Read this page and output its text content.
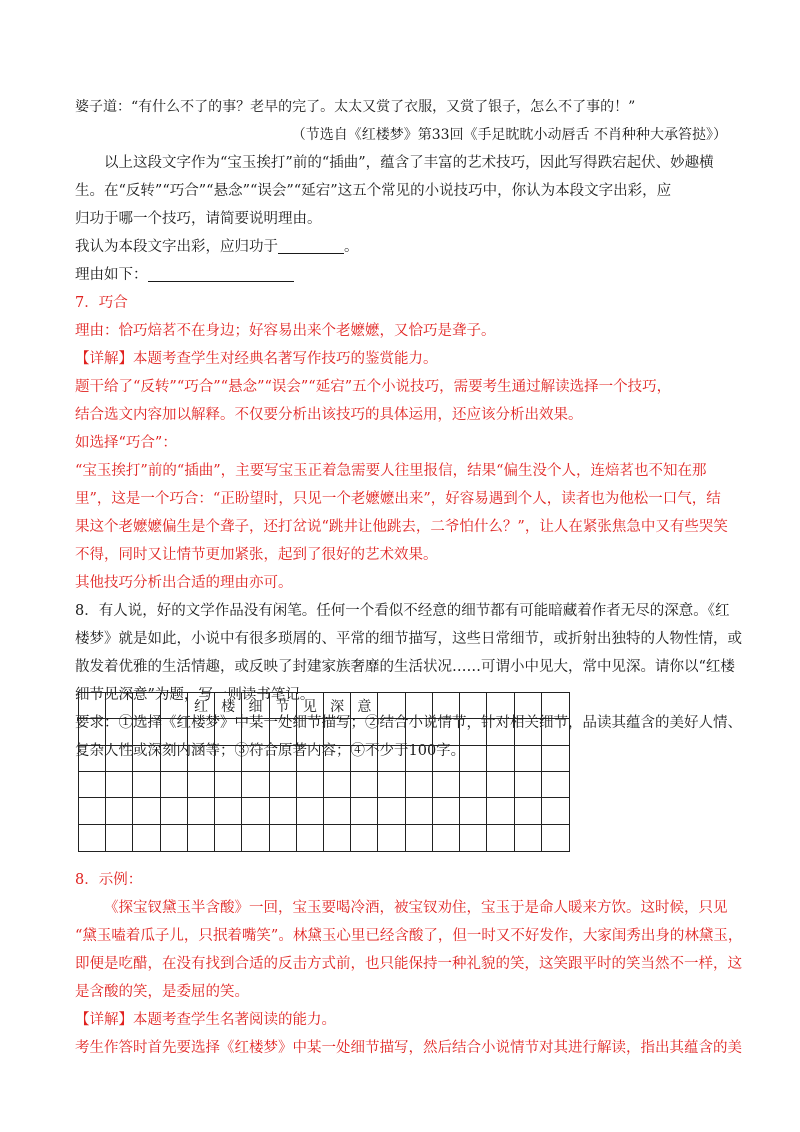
婆子道：“有什么不了的事？老早的完了。太太又赏了衣服，又赏了银子，怎么不了事的！”
（节选自《红楼梦》第33回《手足眈眈小动唇舌 不肖种种大承笞挞》）
以上这段文字作为“宝玉挨打”前的“插曲”，蕴含了丰富的艺术技巧，因此写得跌宕起伏、妙趣横
生。在“反转”“巧合”“悬念”“误会”“延宕”这五个常见的小说技巧中，你认为本段文字出彩，应
归功于哪一个技巧，请简要说明理由。
我认为本段文字出彩，应归功于	。
理由如下：
7．巧合
理由：恰巧焙茗不在身边；好容易出来个老嬷嬷，又恰巧是聋子。
【详解】本题考查学生对经典名著写作技巧的鉴赏能力。
题干给了“反转”“巧合”“悬念”“误会”“延宕”五个小说技巧，需要考生通过解读选择一个技巧，
结合选文内容加以解释。不仅要分析出该技巧的具体运用，还应该分析出效果。
如选择“巧合”：
“宝玉挨打”前的“插曲”，主要写宝玉正着急需要人往里报信，结果“偏生没个人，连焙茗也不知在那
里”，这是一个巧合：“正盼望时，只见一个老嬷嬷出来”，好容易遇到个人，读者也为他松一口气，结
果这个老嬷嬷偏生是个聋子，还打岔说“跳井让他跳去，二爷怕什么？”，让人在紧张焦急中又有些哭笑
不得，同时又让情节更加紧张，起到了很好的艺术效果。
其他技巧分析出合适的理由亦可。
8．有人说，好的文学作品没有闲笔。任何一个看似不经意的细节都有可能暗藏着作者无尽的深意。《红
楼梦》就是如此，小说中有很多琐屑的、平常的细节描写，这些日常细节，或折射出独特的人物性情，或
散发着优雅的生活情趣，或反映了封建家族奢靡的生活状况……可谓小中见大，常中见深。请你以“红楼
细节见深意”为题，写一则读书笔记。
要求：①选择《红楼梦》中某一处细节描写；②结合小说情节，针对相关细节，品读其蕴含的美好人情、
复杂人性或深刻内涵等；③符合原著内容；④不少于100字。
红 楼 细 节 见 深 意
8．示例：
《探宝钗黛玉半含酸》一回，宝玉要喝冷酒，被宝钗劝住，宝玉于是命人暖来方饮。这时候，只见
“黛玉嗑着瓜子儿，只抿着嘴笑”。林黛玉心里已经含酸了，但一时又不好发作，大家闺秀出身的林黛玉，
即便是吃醋，在没有找到合适的反击方式前，也只能保持一种礼貌的笑，这笑跟平时的笑当然不一样，这
是含酸的笑，是委屈的笑。
【详解】本题考查学生名著阅读的能力。
考生作答时首先要选择《红楼梦》中某一处细节描写，然后结合小说情节对其进行解读，指出其蕴含的美
